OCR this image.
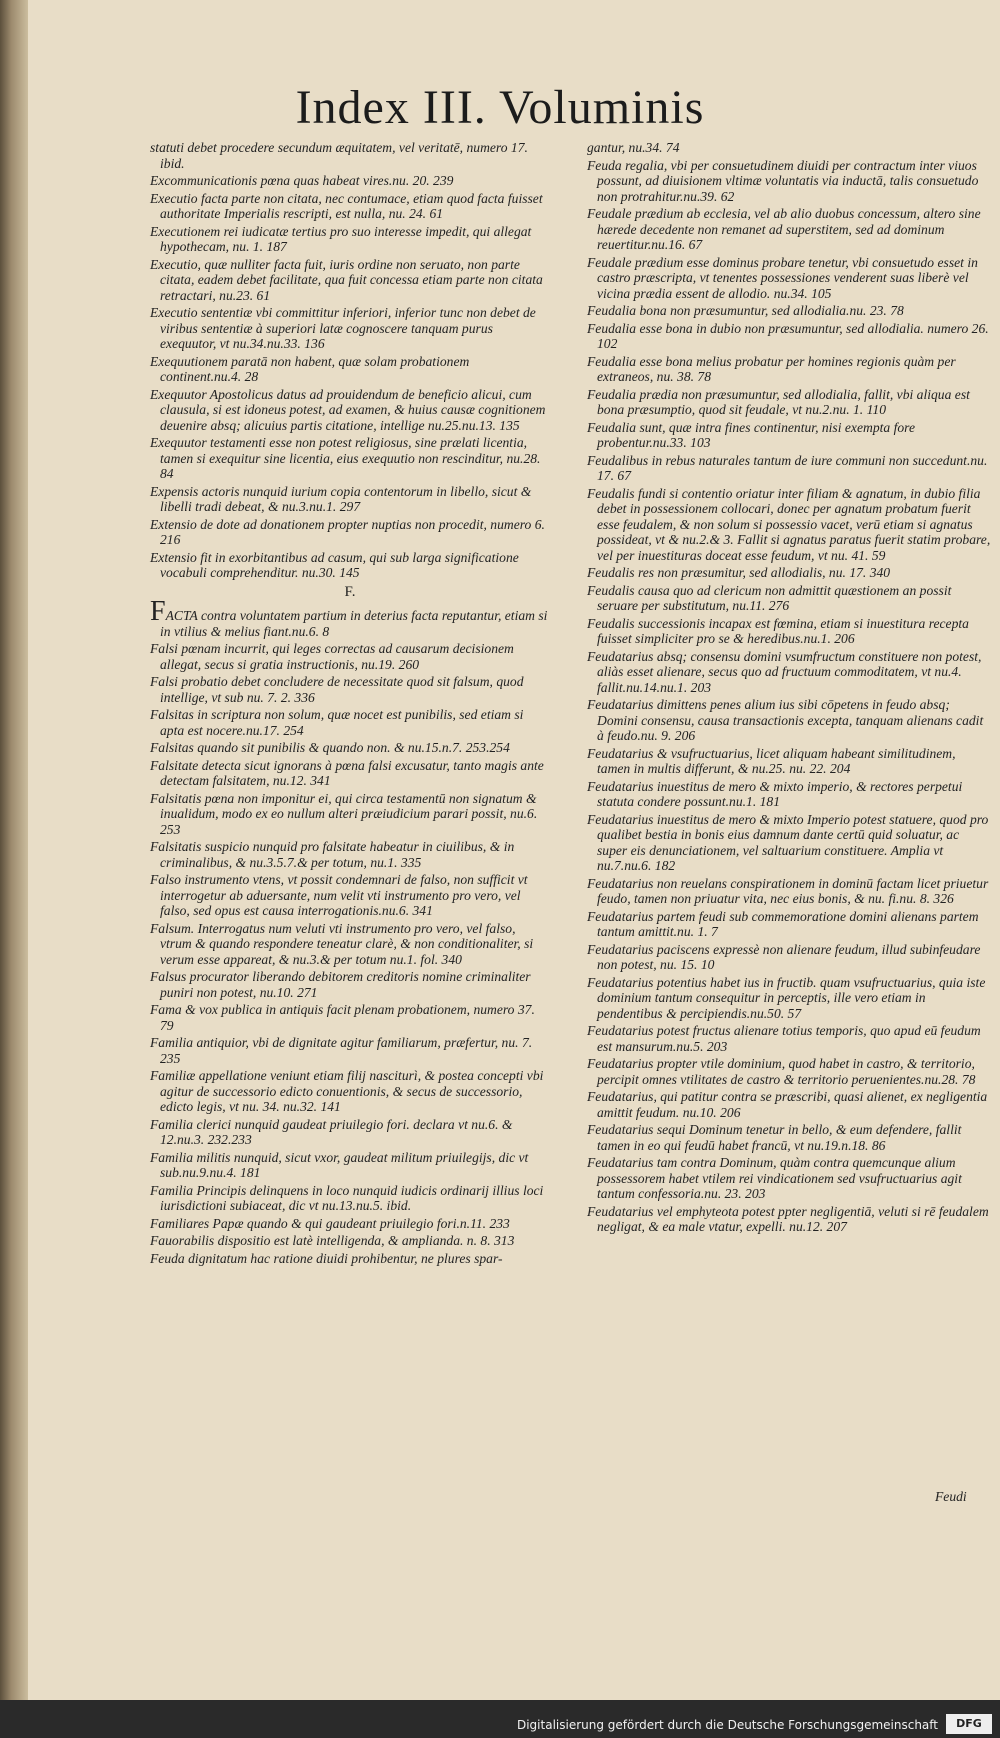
Index III. Voluminis

statuti debet procedere secundum æquitatem, vel veritatē, numero 17. ibid.

Excommunicationis pœna quas habeat vires.nu. 20. 239

Executio facta parte non citata, nec contumace, etiam quod facta fuisset authoritate Imperialis rescripti, est nulla, nu. 24. 61

Executionem rei iudicatæ tertius pro suo interesse impedit, qui allegat hypothecam, nu. 1. 187

Executio, quæ nulliter facta fuit, iuris ordine non seruato, non parte citata, eadem debet facilitate, qua fuit concessa etiam parte non citata retractari, nu.23. 61

Executio sententiæ vbi committitur inferiori, inferior tunc non debet de viribus sententiæ à superiori latæ cognoscere tanquam purus exequutor, vt nu.34.nu.33. 136

Exequutionem paratā non habent, quæ solam probationem continent.nu.4. 28

Exequutor Apostolicus datus ad prouidendum de beneficio alicui, cum clausula, si est idoneus potest, ad examen, & huius causæ cognitionem deuenire absq; alicuius partis citatione, intellige nu.25.nu.13. 135

Exequutor testamenti esse non potest religiosus, sine prælati licentia, tamen si exequitur sine licentia, eius exequutio non rescinditur, nu.28. 84

Expensis actoris nunquid iurium copia contentorum in libello, sicut & libelli tradi debeat, & nu.3.nu.1. 297

Extensio de dote ad donationem propter nuptias non procedit, numero 6. 216

Extensio fit in exorbitantibus ad casum, qui sub larga significatione vocabuli comprehenditur. nu.30. 145

F.

FACTA contra voluntatem partium in deterius facta reputantur, etiam si in vtilius & melius fiant.nu.6. 8

Falsi pœnam incurrit, qui leges correctas ad causarum decisionem allegat, secus si gratia instructionis, nu.19. 260

Falsi probatio debet concludere de necessitate quod sit falsum, quod intellige, vt sub nu. 7. 2. 336

Falsitas in scriptura non solum, quæ nocet est punibilis, sed etiam si apta est nocere.nu.17. 254

Falsitas quando sit punibilis & quando non. & nu.15.n.7. 253.254

Falsitate detecta sicut ignorans à pœna falsi excusatur, tanto magis ante detectam falsitatem, nu.12. 341

Falsitatis pœna non imponitur ei, qui circa testamentū non signatum & inualidum, modo ex eo nullum alteri præiudicium parari possit, nu.6. 253

Falsitatis suspicio nunquid pro falsitate habeatur in ciuilibus, & in criminalibus, & nu.3.5.7.& per totum, nu.1. 335

Falso instrumento vtens, vt possit condemnari de falso, non sufficit vt interrogetur ab aduersante, num velit vti instrumento pro vero, vel falso, sed opus est causa interrogationis.nu.6. 341

Falsum. Interrogatus num veluti vti instrumento pro vero, vel falso, vtrum & quando respondere teneatur clarè, & non conditionaliter, si verum esse appareat, & nu.3.& per totum nu.1. fol. 340

Falsus procurator liberando debitorem creditoris nomine criminaliter puniri non potest, nu.10. 271

Fama & vox publica in antiquis facit plenam probationem, numero 37. 79

Familia antiquior, vbi de dignitate agitur familiarum, præfertur, nu. 7. 235

Familiæ appellatione veniunt etiam filij nasciturì, & postea concepti vbi agitur de successorio edicto conuentionis, & secus de successorio, edicto legis, vt nu. 34. nu.32. 141

Familia clerici nunquid gaudeat priuilegio fori. declara vt nu.6. & 12.nu.3. 232.233

Familia militis nunquid, sicut vxor, gaudeat militum priuilegijs, dic vt sub.nu.9.nu.4. 181

Familia Principis delinquens in loco nunquid iudicis ordinarij illius loci iurisdictioni subiaceat, dic vt nu.13.nu.5. ibid.

Familiares Papæ quando & qui gaudeant priuilegio fori.n.11. 233

Fauorabilis dispositio est latè intelligenda, & amplianda. n. 8. 313

Feuda dignitatum hac ratione diuidi prohibentur, ne plures spar-

gantur, nu.34. 74

Feuda regalia, vbi per consuetudinem diuidi per contractum inter viuos possunt, ad diuisionem vltimæ voluntatis via inductā, talis consuetudo non protrahitur.nu.39. 62

Feudale prædium ab ecclesia, vel ab alio duobus concessum, altero sine hærede decedente non remanet ad superstitem, sed ad dominum reuertitur.nu.16. 67

Feudale prædium esse dominus probare tenetur, vbi consuetudo esset in castro præscripta, vt tenentes possessiones venderent suas liberè vel vicina prædia essent de allodio. nu.34. 105

Feudalia bona non præsumuntur, sed allodialia.nu. 23. 78

Feudalia esse bona in dubio non præsumuntur, sed allodialia. numero 26. 102

Feudalia esse bona melius probatur per homines regionis quàm per extraneos, nu. 38. 78

Feudalia prædia non præsumuntur, sed allodialia, fallit, vbi aliqua est bona præsumptio, quod sit feudale, vt nu.2.nu. 1. 110

Feudalia sunt, quæ intra fines continentur, nisi exempta fore probentur.nu.33. 103

Feudalibus in rebus naturales tantum de iure communi non succedunt.nu. 17. 67

Feudalis fundi si contentio oriatur inter filiam & agnatum, in dubio filia debet in possessionem collocari, donec per agnatum probatum fuerit esse feudalem, & non solum si possessio vacet, verū etiam si agnatus possideat, vt & nu.2.& 3. Fallit si agnatus paratus fuerit statim probare, vel per inuestituras doceat esse feudum, vt nu. 41. 59

Feudalis res non præsumitur, sed allodialis, nu. 17. 340

Feudalis causa quo ad clericum non admittit quæstionem an possit seruare per substitutum, nu.11. 276

Feudalis successionis incapax est fœmina, etiam si inuestitura recepta fuisset simpliciter pro se & heredibus.nu.1. 206

Feudatarius absq; consensu domini vsumfructum constituere non potest, aliàs esset alienare, secus quo ad fructuum commoditatem, vt nu.4. fallit.nu.14.nu.1. 203

Feudatarius dimittens penes alium ius sibi cōpetens in feudo absq; Domini consensu, causa transactionis excepta, tanquam alienans cadit à feudo.nu. 9. 206

Feudatarius & vsufructuarius, licet aliquam habeant similitudinem, tamen in multis differunt, & nu.25. nu. 22. 204

Feudatarius inuestitus de mero & mixto imperio, & rectores perpetui statuta condere possunt.nu.1. 181

Feudatarius inuestitus de mero & mixto Imperio potest statuere, quod pro qualibet bestia in bonis eius damnum dante certū quid soluatur, ac super eis denunciationem, vel saltuarium constituere. Amplia vt nu.7.nu.6. 182

Feudatarius non reuelans conspirationem in dominū factam licet priuetur feudo, tamen non priuatur vita, nec eius bonis, & nu. fi.nu. 8. 326

Feudatarius partem feudi sub commemoratione domini alienans partem tantum amittit.nu. 1. 7

Feudatarius paciscens expressè non alienare feudum, illud subinfeudare non potest, nu. 15. 10

Feudatarius potentius habet ius in fructib. quam vsufructuarius, quia iste dominium tantum consequitur in perceptis, ille vero etiam in pendentibus & percipiendis.nu.50. 57

Feudatarius potest fructus alienare totius temporis, quo apud eū feudum est mansurum.nu.5. 203

Feudatarius propter vtile dominium, quod habet in castro, & territorio, percipit omnes vtilitates de castro & territorio peruenientes.nu.28. 78

Feudatarius, qui patitur contra se præscribi, quasi alienet, ex negligentia amittit feudum. nu.10. 206

Feudatarius sequi Dominum tenetur in bello, & eum defendere, fallit tamen in eo qui feudū habet francū, vt nu.19.n.18. 86

Feudatarius tam contra Dominum, quàm contra quemcunque alium possessorem habet vtilem rei vindicationem sed vsufructuarius agit tantum confessoria.nu. 23. 203

Feudatarius vel emphyteota potest ppter negligentiā, veluti si rē feudalem negligat, & ea male vtatur, expelli. nu.12. 207

Feudi
Digitalisierung gefördert durch die Deutsche Forschungsgemeinschaft	DFG
